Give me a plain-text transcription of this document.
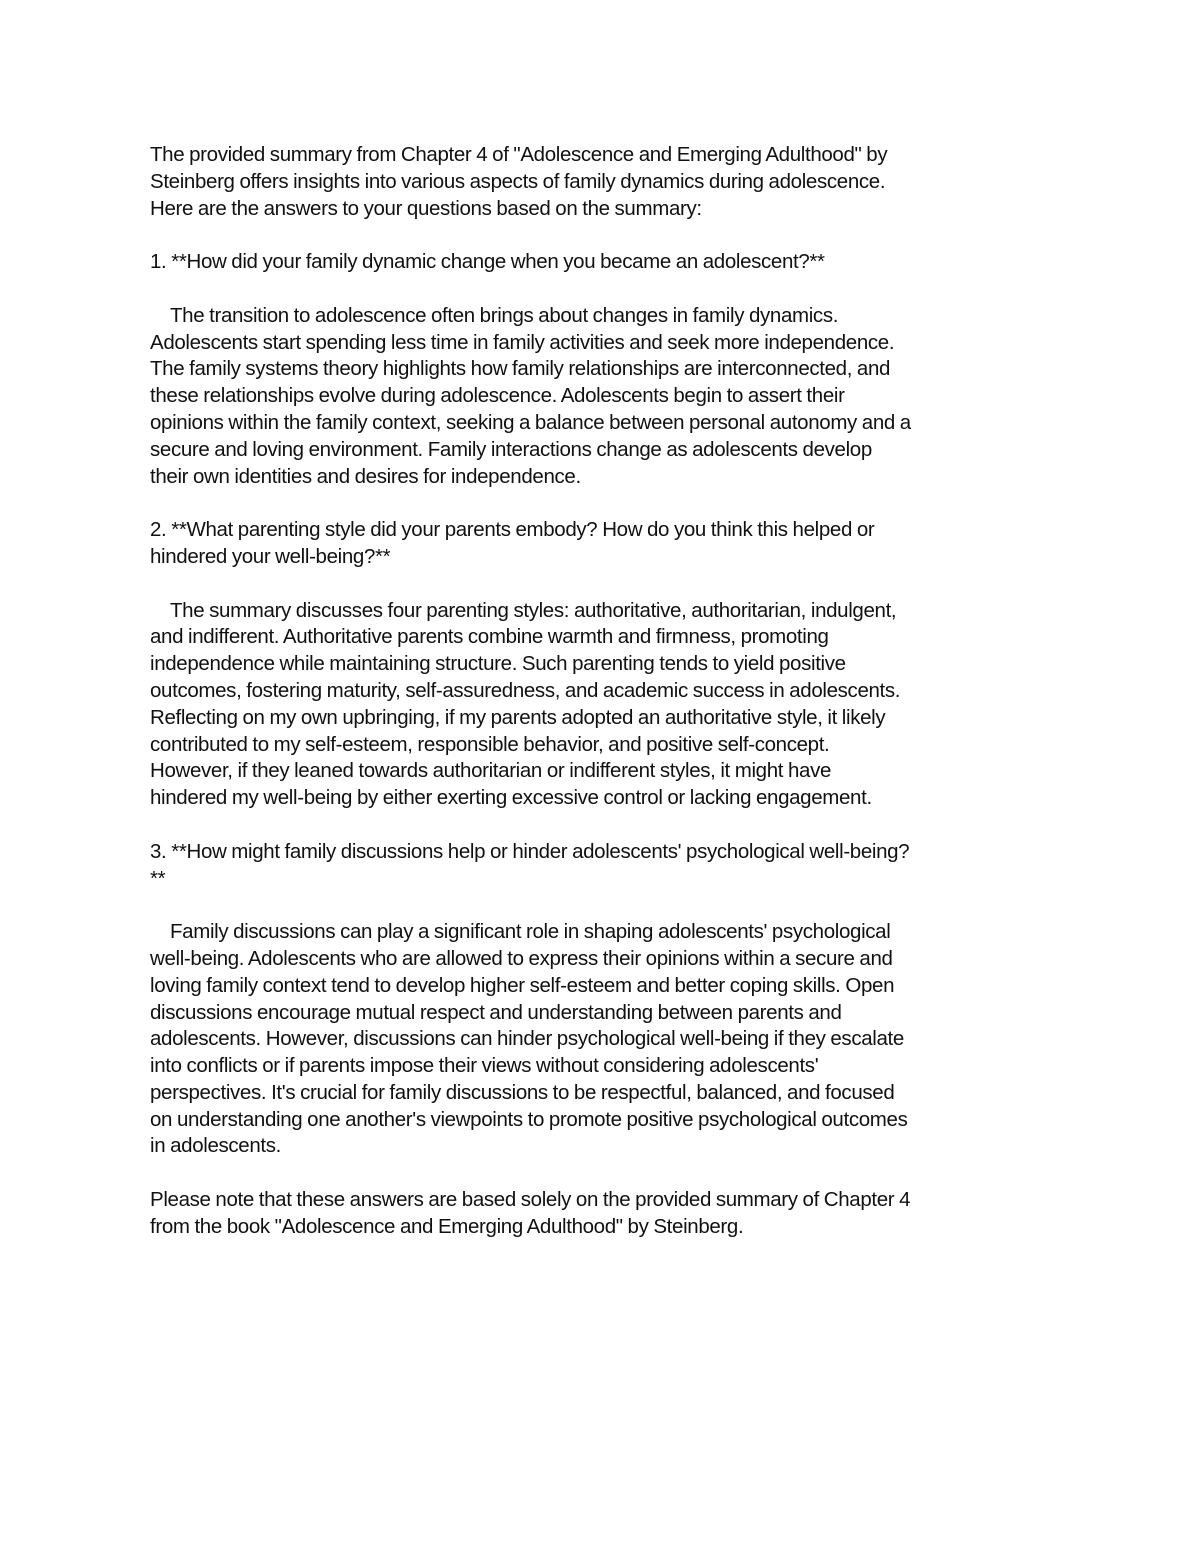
The provided summary from Chapter 4 of "Adolescence and Emerging Adulthood" by
Steinberg offers insights into various aspects of family dynamics during adolescence.
Here are the answers to your questions based on the summary:

1. **How did your family dynamic change when you became an adolescent?**

The transition to adolescence often brings about changes in family dynamics.
Adolescents start spending less time in family activities and seek more independence.
The family systems theory highlights how family relationships are interconnected, and
these relationships evolve during adolescence. Adolescents begin to assert their
opinions within the family context, seeking a balance between personal autonomy and a
secure and loving environment. Family interactions change as adolescents develop
their own identities and desires for independence.

2. **What parenting style did your parents embody? How do you think this helped or
hindered your well-being?**

The summary discusses four parenting styles: authoritative, authoritarian, indulgent,
and indifferent. Authoritative parents combine warmth and firmness, promoting
independence while maintaining structure. Such parenting tends to yield positive
outcomes, fostering maturity, self-assuredness, and academic success in adolescents.
Reflecting on my own upbringing, if my parents adopted an authoritative style, it likely
contributed to my self-esteem, responsible behavior, and positive self-concept.
However, if they leaned towards authoritarian or indifferent styles, it might have
hindered my well-being by either exerting excessive control or lacking engagement.

3. **How might family discussions help or hinder adolescents' psychological well-being?
**

Family discussions can play a significant role in shaping adolescents' psychological
well-being. Adolescents who are allowed to express their opinions within a secure and
loving family context tend to develop higher self-esteem and better coping skills. Open
discussions encourage mutual respect and understanding between parents and
adolescents. However, discussions can hinder psychological well-being if they escalate
into conflicts or if parents impose their views without considering adolescents'
perspectives. It's crucial for family discussions to be respectful, balanced, and focused
on understanding one another's viewpoints to promote positive psychological outcomes
in adolescents.

Please note that these answers are based solely on the provided summary of Chapter 4
from the book "Adolescence and Emerging Adulthood" by Steinberg.
